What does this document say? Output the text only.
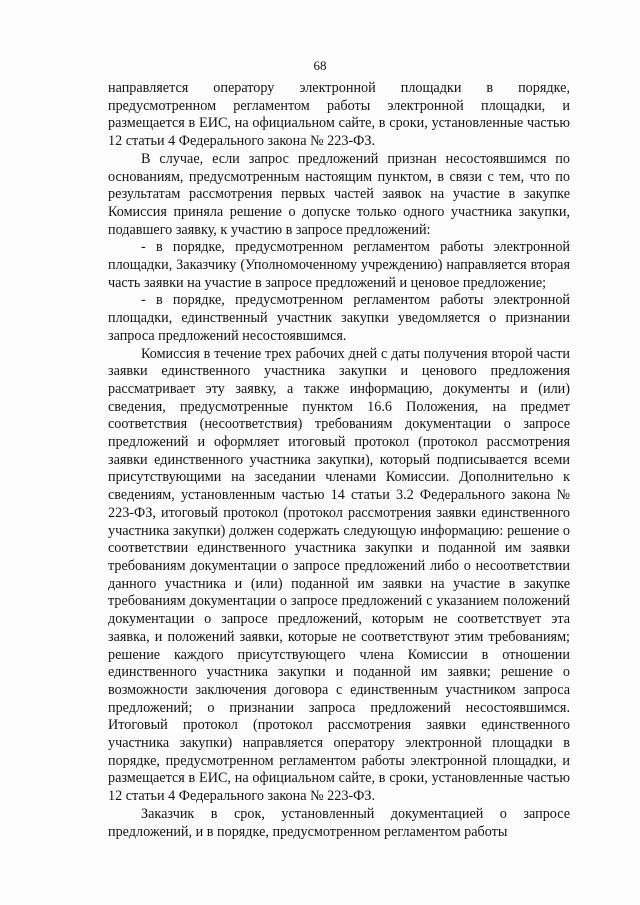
68

направляется оператору электронной площадки в порядке, предусмотренном регламентом работы электронной площадки, и размещается в ЕИС, на официальном сайте, в сроки, установленные частью 12 статьи 4 Федерального закона № 223-ФЗ.

В случае, если запрос предложений признан несостоявшимся по основаниям, предусмотренным настоящим пунктом, в связи с тем, что по результатам рассмотрения первых частей заявок на участие в закупке Комиссия приняла решение о допуске только одного участника закупки, подавшего заявку, к участию в запросе предложений:

- в порядке, предусмотренном регламентом работы электронной площадки, Заказчику (Уполномоченному учреждению) направляется вторая часть заявки на участие в запросе предложений и ценовое предложение;

- в порядке, предусмотренном регламентом работы электронной площадки, единственный участник закупки уведомляется о признании запроса предложений несостоявшимся.

Комиссия в течение трех рабочих дней с даты получения второй части заявки единственного участника закупки и ценового предложения рассматривает эту заявку, а также информацию, документы и (или) сведения, предусмотренные пунктом 16.6 Положения, на предмет соответствия (несоответствия) требованиям документации о запросе предложений и оформляет итоговый протокол (протокол рассмотрения заявки единственного участника закупки), который подписывается всеми присутствующими на заседании членами Комиссии. Дополнительно к сведениям, установленным частью 14 статьи 3.2 Федерального закона № 223-ФЗ, итоговый протокол (протокол рассмотрения заявки единственного участника закупки) должен содержать следующую информацию: решение о соответствии единственного участника закупки и поданной им заявки требованиям документации о запросе предложений либо о несоответствии данного участника и (или) поданной им заявки на участие в закупке требованиям документации о запросе предложений с указанием положений документации о запросе предложений, которым не соответствует эта заявка, и положений заявки, которые не соответствуют этим требованиям; решение каждого присутствующего члена Комиссии в отношении единственного участника закупки и поданной им заявки; решение о возможности заключения договора с единственным участником запроса предложений; о признании запроса предложений несостоявшимся. Итоговый протокол (протокол рассмотрения заявки единственного участника закупки) направляется оператору электронной площадки в порядке, предусмотренном регламентом работы электронной площадки, и размещается в ЕИС, на официальном сайте, в сроки, установленные частью 12 статьи 4 Федерального закона № 223-ФЗ.

Заказчик в срок, установленный документацией о запросе предложений, и в порядке, предусмотренном регламентом работы
